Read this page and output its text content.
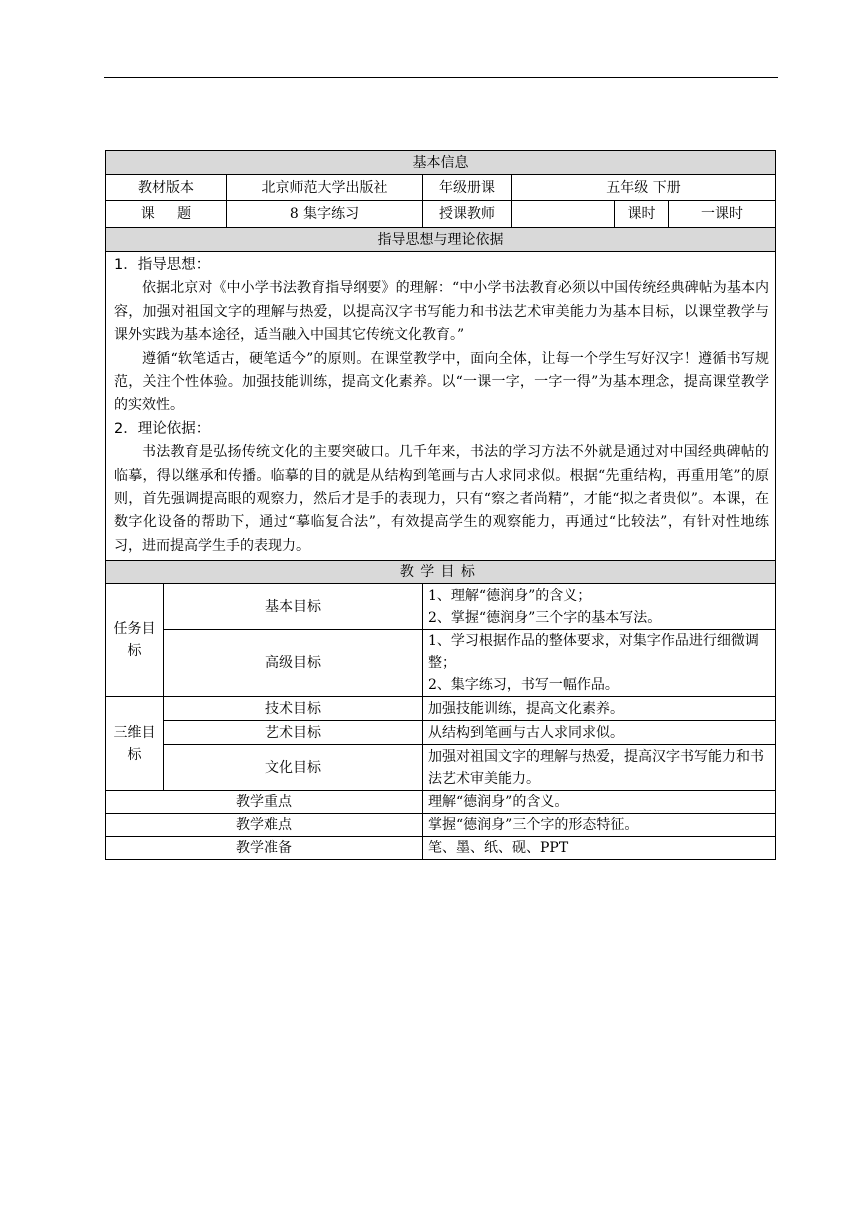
基本信息						
教材版本		北京师范大学出版社	年级册课	五年级 下册		
课题		8 集字练习	授课教师		课时	一课时
指导思想与理论依据						

1．指导思想：
依据北京对《中小学书法教育指导纲要》的理解：“中小学书法教育必须以中国传统经典碑帖为基本内容，加强对祖国文字的理解与热爱，以提高汉字书写能力和书法艺术审美能力为基本目标，以课堂教学与课外实践为基本途径，适当融入中国其它传统文化教育。”
遵循“软笔适古，硬笔适今”的原则。在课堂教学中，面向全体，让每一个学生写好汉字！遵循书写规范，关注个性体验。加强技能训练，提高文化素养。以“一课一字，一字一得”为基本理念，提高课堂教学的实效性。
2．理论依据：
书法教育是弘扬传统文化的主要突破口。几千年来，书法的学习方法不外就是通过对中国经典碑帖的临摹，得以继承和传播。临摹的目的就是从结构到笔画与古人求同求似。根据“先重结构，再重用笔”的原则，首先强调提高眼的观察力，然后才是手的表现力，只有“察之者尚精”，才能“拟之者贵似”。本课，在数字化设备的帮助下，通过“摹临复合法”，有效提高学生的观察能力，再通过“比较法”，有针对性地练习，进而提高学生手的表现力。						

教学目标						
任务目标	基本目标		1、理解“德润身”的含义；
2、掌握“德润身”三个字的基本写法。			

	高级目标		1、学习根据作品的整体要求，对集字作品进行细微调整；
2、集字练习，书写一幅作品。			

三维目标	技术目标		加强技能训练，提高文化素养。			
	艺术目标		从结构到笔画与古人求同求似。			
	文化目标		加强对祖国文字的理解与热爱，提高汉字书写能力和书法艺术审美能力。			
教学重点			理解“德润身”的含义。			
教学难点			掌握“德润身”三个字的形态特征。			
教学准备			笔、墨、纸、砚、PPT			
